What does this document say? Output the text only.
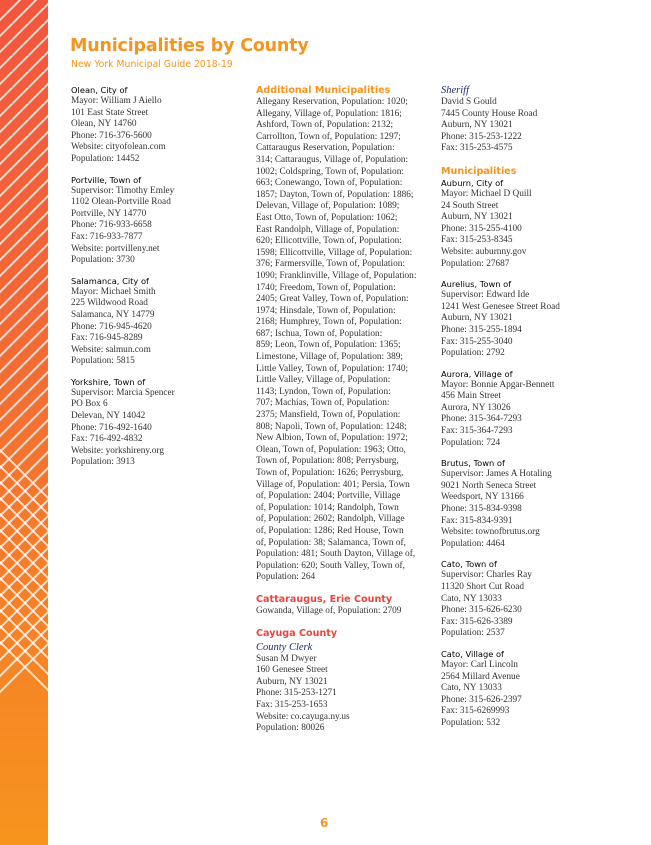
Municipalities by County
New York Municipal Guide 2018-19
Olean, City of
Mayor: William J Aiello
101 East State Street
Olean, NY 14760
Phone: 716-376-5600
Website: cityofolean.com
Population: 14452
Portville, Town of
Supervisor: Timothy Emley
1102 Olean-Portville Road
Portville, NY 14770
Phone: 716-933-6658
Fax: 716-933-7877
Website: portvilleny.net
Population: 3730
Salamanca, City of
Mayor: Michael Smith
225 Wildwood Road
Salamanca, NY 14779
Phone: 716-945-4620
Fax: 716-945-8289
Website: salmun.com
Population: 5815
Yorkshire, Town of
Supervisor: Marcia Spencer
PO Box 6
Delevan, NY 14042
Phone: 716-492-1640
Fax: 716-492-4832
Website: yorkshireny.org
Population: 3913
Additional Municipalities
Allegany Reservation, Population: 1020;
Allegany, Village of, Population: 1816;
Ashford, Town of, Population: 2132;
Carrollton, Town of, Population: 1297;
Cattaraugus Reservation, Population:
314; Cattaraugus, Village of, Population:
1002; Coldspring, Town of, Population:
663; Conewango, Town of, Population:
1857; Dayton, Town of, Population: 1886;
Delevan, Village of, Population: 1089;
East Otto, Town of, Population: 1062;
East Randolph, Village of, Population:
620; Ellicottville, Town of, Population:
1598; Ellicottville, Village of, Population:
376; Farmersville, Town of, Population:
1090; Franklinville, Village of, Population:
1740; Freedom, Town of, Population:
2405; Great Valley, Town of, Population:
1974; Hinsdale, Town of, Population:
2168; Humphrey, Town of, Population:
687; Ischua, Town of, Population:
859; Leon, Town of, Population: 1365;
Limestone, Village of, Population: 389;
Little Valley, Town of, Population: 1740;
Little Valley, Village of, Population:
1143; Lyndon, Town of, Population:
707; Machias, Town of, Population:
2375; Mansfield, Town of, Population:
808; Napoli, Town of, Population: 1248;
New Albion, Town of, Population: 1972;
Olean, Town of, Population: 1963; Otto,
Town of, Population: 808; Perrysburg,
Town of, Population: 1626; Perrysburg,
Village of, Population: 401; Persia, Town
of, Population: 2404; Portville, Village
of, Population: 1014; Randolph, Town
of, Population: 2602; Randolph, Village
of, Population: 1286; Red House, Town
of, Population: 38; Salamanca, Town of,
Population: 481; South Dayton, Village of,
Population: 620; South Valley, Town of,
Population: 264
Cattaraugus, Erie County
Gowanda, Village of, Population: 2709
Cayuga County
County Clerk
Susan M Dwyer
160 Genesee Street
Auburn, NY 13021
Phone: 315-253-1271
Fax: 315-253-1653
Website: co.cayuga.ny.us
Population: 80026
Sheriff
David S Gould
7445 County House Road
Auburn, NY 13021
Phone: 315-253-1222
Fax: 315-253-4575
Municipalities
Auburn, City of
Mayor: Michael D Quill
24 South Street
Auburn, NY 13021
Phone: 315-255-4100
Fax: 315-253-8345
Website: auburnny.gov
Population: 27687
Aurelius, Town of
Supervisor: Edward Ide
1241 West Genesee Street Road
Auburn, NY 13021
Phone: 315-255-1894
Fax: 315-255-3040
Population: 2792
Aurora, Village of
Mayor: Bonnie Apgar-Bennett
456 Main Street
Aurora, NY 13026
Phone: 315-364-7293
Fax: 315-364-7293
Population: 724
Brutus, Town of
Supervisor: James A Hotaling
9021 North Seneca Street
Weedsport, NY 13166
Phone: 315-834-9398
Fax: 315-834-9391
Website: townofbrutus.org
Population: 4464
Cato, Town of
Supervisor: Charles Ray
11320 Short Cut Road
Cato, NY 13033
Phone: 315-626-6230
Fax: 315-626-3389
Population: 2537
Cato, Village of
Mayor: Carl Lincoln
2564 Millard Avenue
Cato, NY 13033
Phone: 315-626-2397
Fax: 315-6269993
Population: 532
6
